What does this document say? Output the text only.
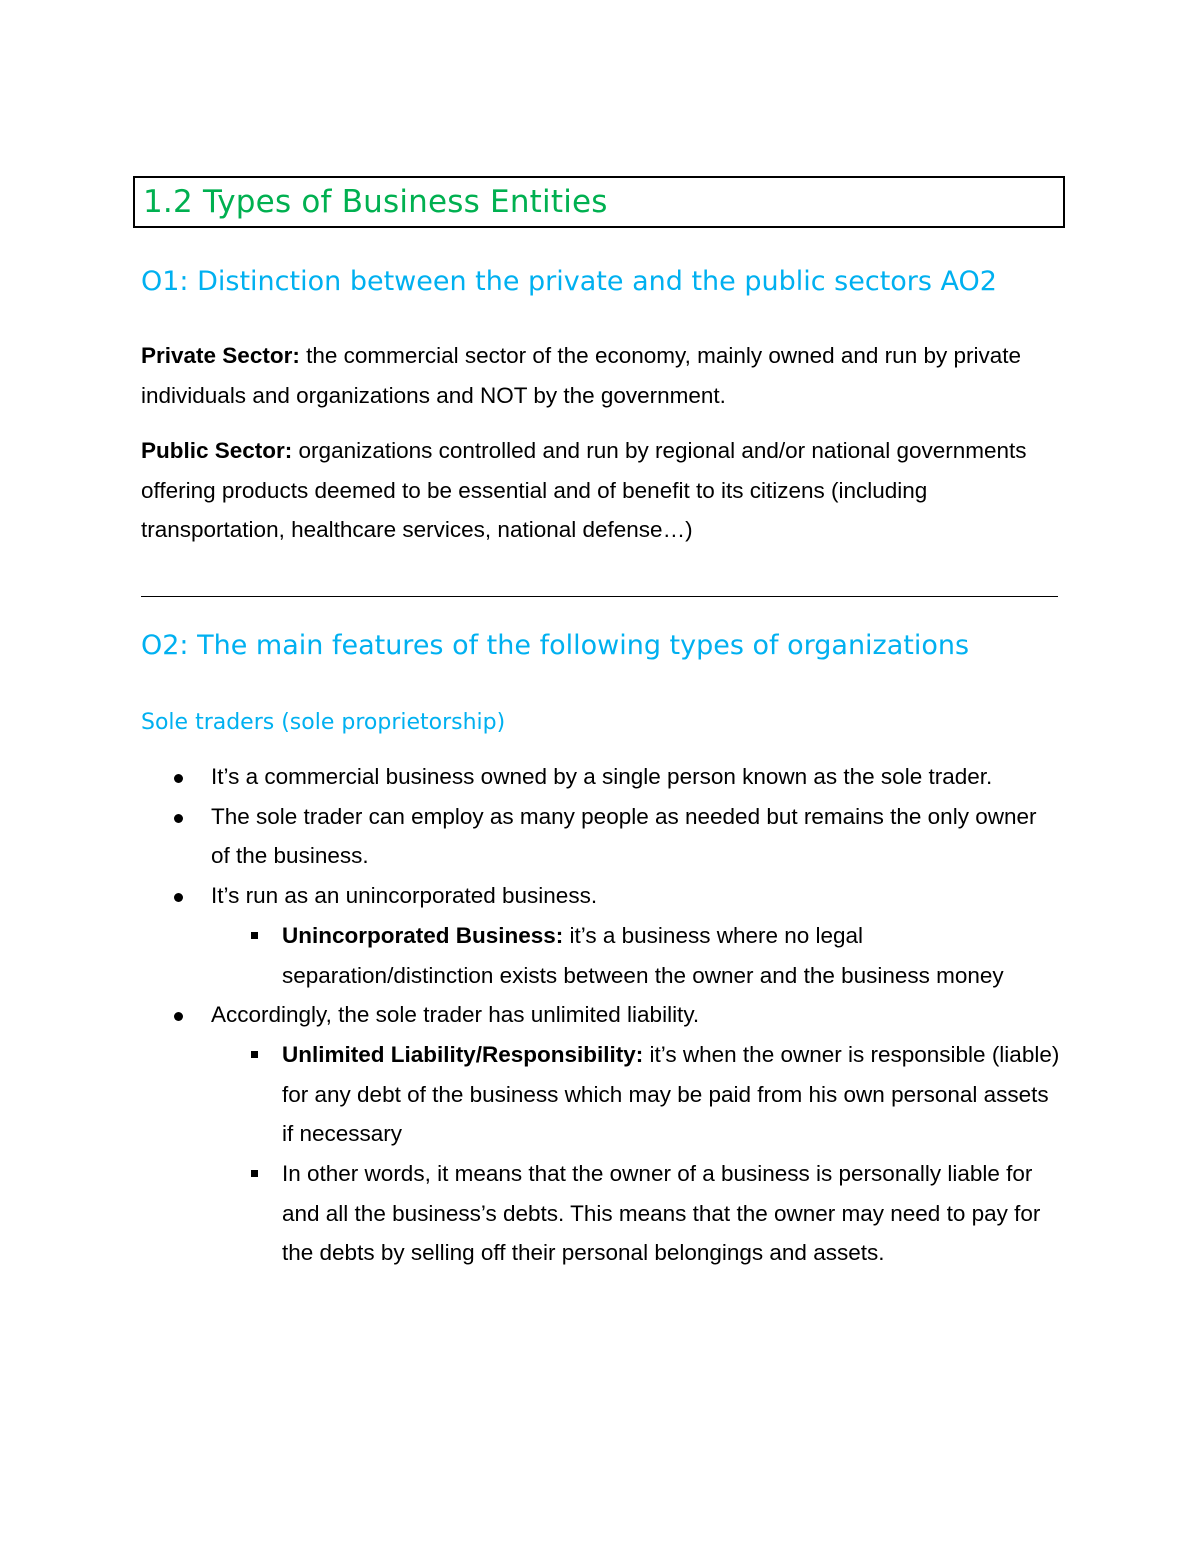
1.2 Types of Business Entities
O1: Distinction between the private and the public sectors AO2
Private Sector: the commercial sector of the economy, mainly owned and run by private individuals and organizations and NOT by the government.
Public Sector: organizations controlled and run by regional and/or national governments offering products deemed to be essential and of benefit to its citizens (including transportation, healthcare services, national defense…)
O2: The main features of the following types of organizations
Sole traders (sole proprietorship)
It’s a commercial business owned by a single person known as the sole trader.
The sole trader can employ as many people as needed but remains the only owner of the business.
It’s run as an unincorporated business.
Unincorporated Business: it’s a business where no legal separation/distinction exists between the owner and the business money
Accordingly, the sole trader has unlimited liability.
Unlimited Liability/Responsibility: it’s when the owner is responsible (liable) for any debt of the business which may be paid from his own personal assets if necessary
In other words, it means that the owner of a business is personally liable for and all the business’s debts. This means that the owner may need to pay for the debts by selling off their personal belongings and assets.
